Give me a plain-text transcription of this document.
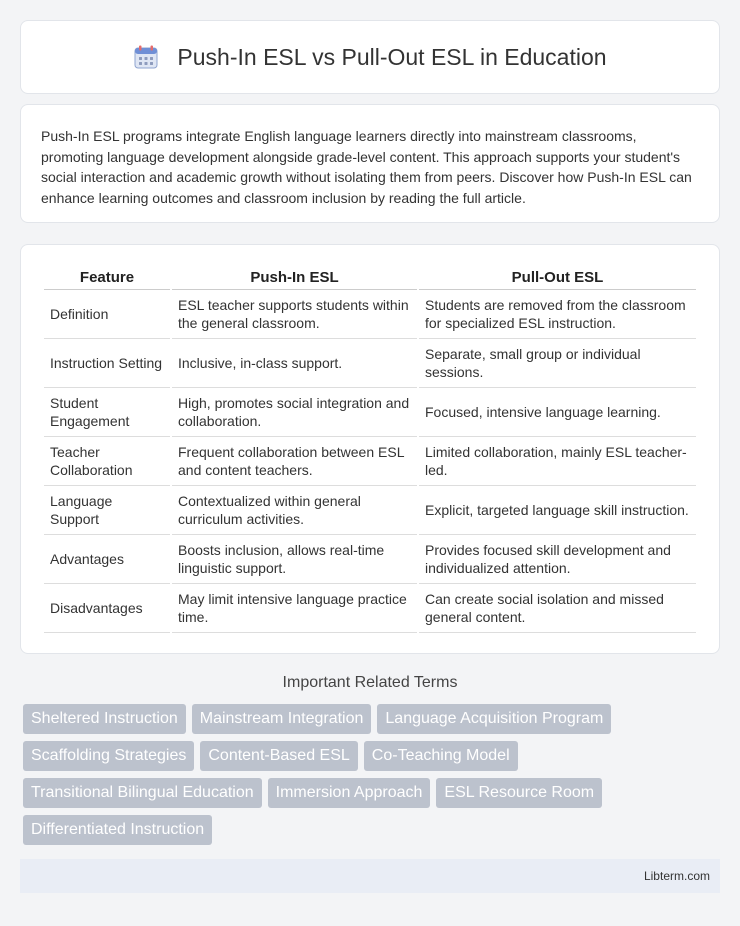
Push-In ESL vs Pull-Out ESL in Education

Push-In ESL programs integrate English language learners directly into mainstream classrooms, promoting language development alongside grade-level content. This approach supports your student's social interaction and academic growth without isolating them from peers. Discover how Push-In ESL can enhance learning outcomes and classroom inclusion by reading the full article.

Feature	Push-In ESL	Pull-Out ESL
Definition	ESL teacher supports students within the general classroom.	Students are removed from the classroom for specialized ESL instruction.
Instruction Setting	Inclusive, in-class support.	Separate, small group or individual sessions.
Student Engagement	High, promotes social integration and collaboration.	Focused, intensive language learning.
Teacher Collaboration	Frequent collaboration between ESL and content teachers.	Limited collaboration, mainly ESL teacher-led.
Language Support	Contextualized within general curriculum activities.	Explicit, targeted language skill instruction.
Advantages	Boosts inclusion, allows real-time linguistic support.	Provides focused skill development and individualized attention.
Disadvantages	May limit intensive language practice time.	Can create social isolation and missed general content.
Important Related Terms
Sheltered Instruction	Mainstream Integration	Language Acquisition Program
Scaffolding Strategies	Content-Based ESL	Co-Teaching Model
Transitional Bilingual Education	Immersion Approach	ESL Resource Room
Differentiated Instruction
Libterm.com
